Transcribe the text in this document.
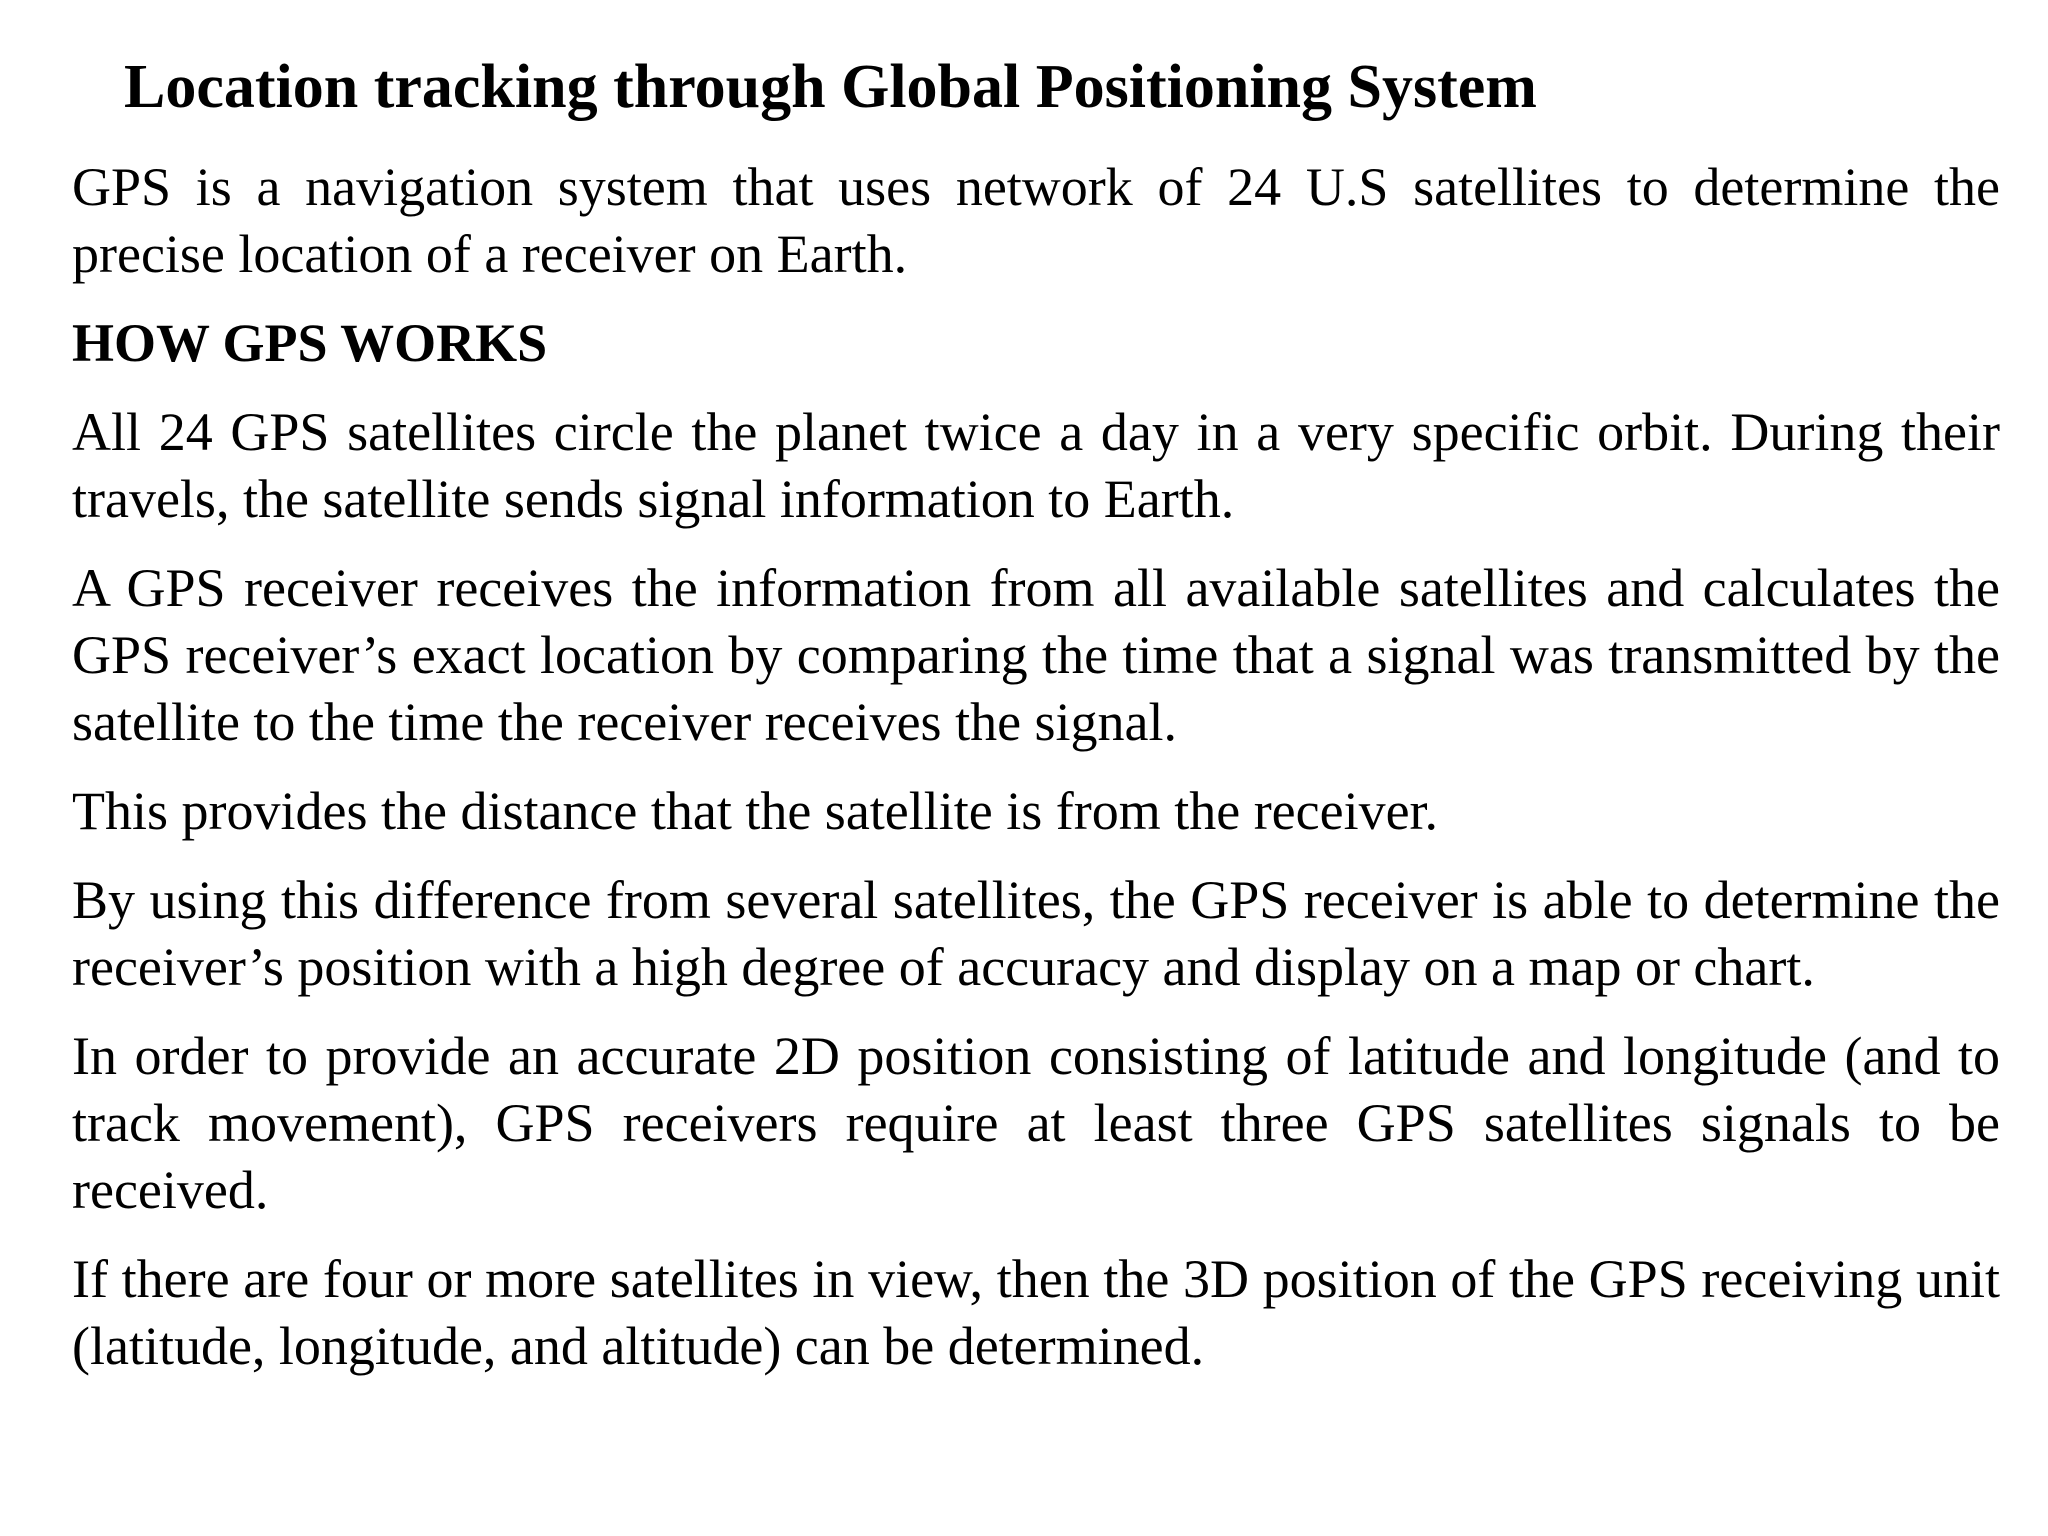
Location tracking through Global Positioning System

GPS is a navigation system that uses network of 24 U.S satellites to determine the precise location of a receiver on Earth.

HOW GPS WORKS

All 24 GPS satellites circle the planet twice a day in a very specific orbit. During their travels, the satellite sends signal information to Earth.

A GPS receiver receives the information from all available satellites and calculates the GPS receiver’s exact location by comparing the time that a signal was transmitted by the satellite to the time the receiver receives the signal.

This provides the distance that the satellite is from the receiver.

By using this difference from several satellites, the GPS receiver is able to determine the receiver’s position with a high degree of accuracy and display on a map or chart.

In order to provide an accurate 2D position consisting of latitude and longitude (and to track movement), GPS receivers require at least three GPS satellites signals to be received.

If there are four or more satellites in view, then the 3D position of the GPS receiving unit (latitude, longitude, and altitude) can be determined.
